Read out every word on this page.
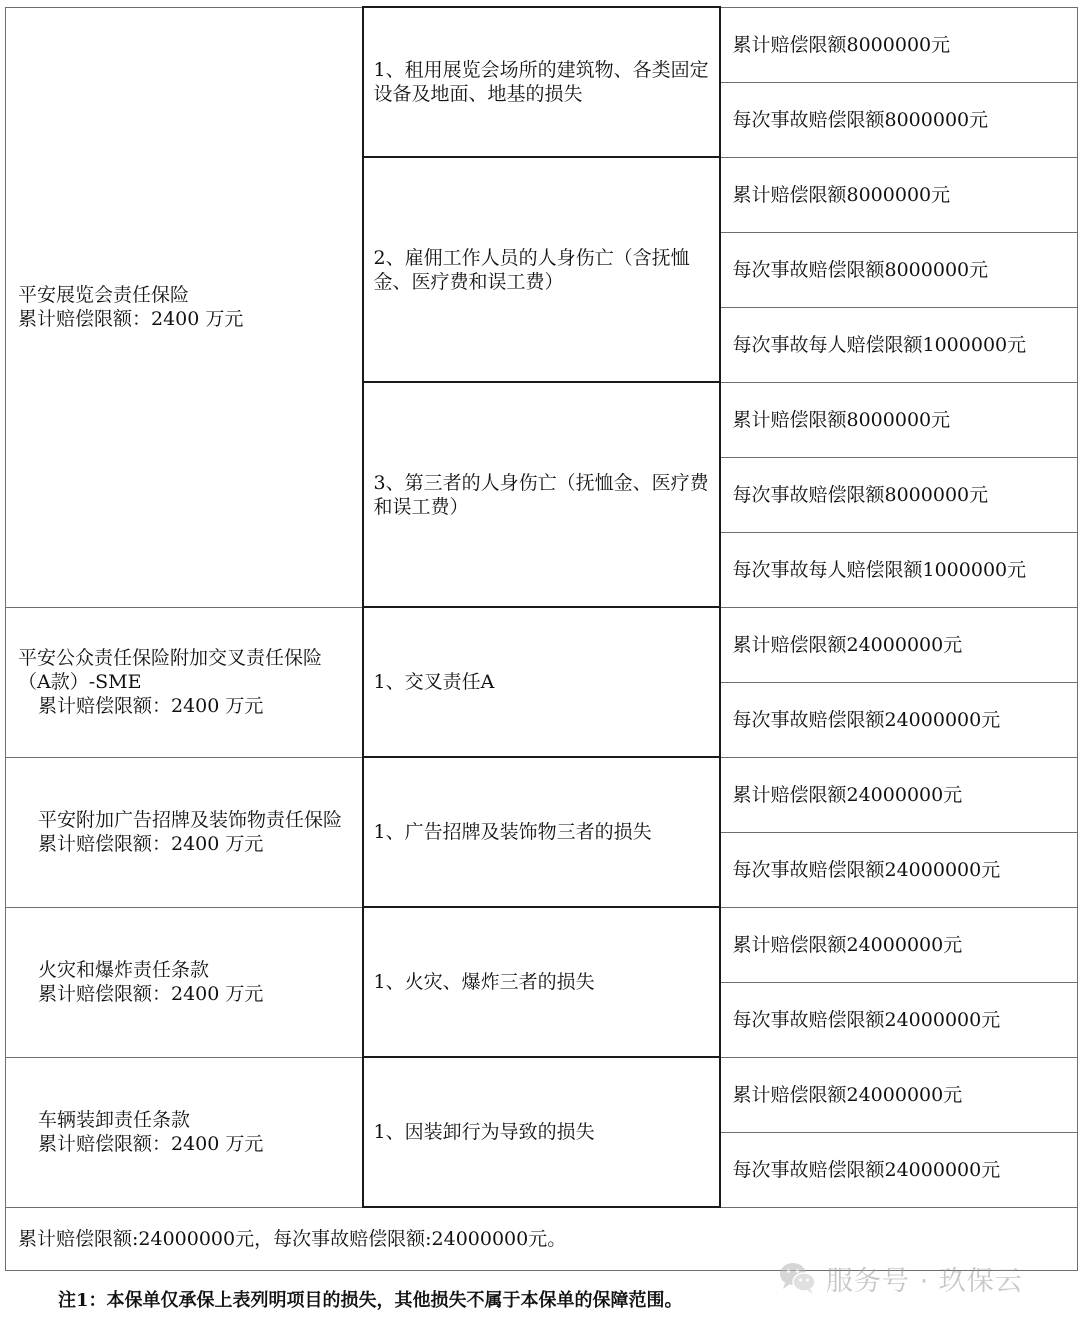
平安展览会责任保险
累计赔偿限额：2400 万元	1、租用展览会场所的建筑物、各类固定设备及地面、地基的损失	累计赔偿限额8000000元
		每次事故赔偿限额8000000元
	2、雇佣工作人员的人身伤亡（含抚恤金、医疗费和误工费）	累计赔偿限额8000000元
		每次事故赔偿限额8000000元
		每次事故每人赔偿限额1000000元
	3、第三者的人身伤亡（抚恤金、医疗费和误工费）	累计赔偿限额8000000元
		每次事故赔偿限额8000000元
		每次事故每人赔偿限额1000000元

平安公众责任保险附加交叉责任保险（A款）-SME
累计赔偿限额：2400 万元	1、交叉责任A	累计赔偿限额24000000元
		每次事故赔偿限额24000000元

平安附加广告招牌及装饰物责任保险
累计赔偿限额：2400 万元	1、广告招牌及装饰物三者的损失	累计赔偿限额24000000元
		每次事故赔偿限额24000000元

火灾和爆炸责任条款
累计赔偿限额：2400 万元	1、火灾、爆炸三者的损失	累计赔偿限额24000000元
		每次事故赔偿限额24000000元

车辆装卸责任条款
累计赔偿限额：2400 万元	1、因装卸行为导致的损失	累计赔偿限额24000000元
		每次事故赔偿限额24000000元
累计赔偿限额:24000000元，每次事故赔偿限额:24000000元。		
服务号 · 玖保云
注1：本保单仅承保上表列明项目的损失，其他损失不属于本保单的保障范围。
